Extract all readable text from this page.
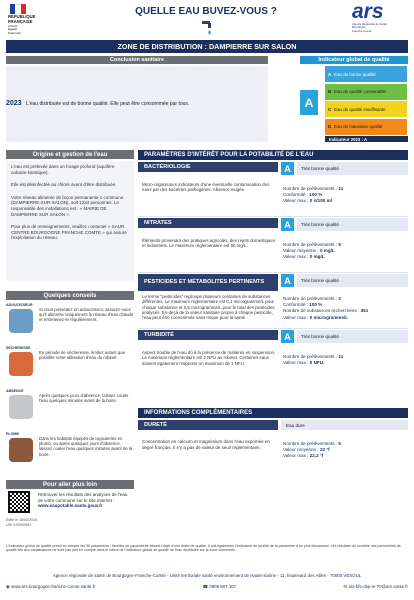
RÉPUBLIQUE FRANÇAISE
Liberté
Égalité
Fraternité
QUELLE EAU BUVEZ-VOUS ?	ars
Agence Régionale de Santé
Bourgogne
Franche-Comté
ZONE DE DISTRIBUTION : DAMPIERRE SUR SALON
Conclusion sanitaire	Indicateur global de qualité
2023 L'eau distribuée est de bonne qualité. Elle peut être consommée par tous.	A
A Eau de bonne qualité
B Eau de qualité convenable
C Eau de qualité insuffisante
D Eau de mauvaise qualité
Indicateur 2023 : A
Origine et gestion de l'eau
L'eau est prélevée dans un forage profond (aquifère calcaire karstique).
Elle est désinfectée au chlore avant d'être distribuée.
Votre réseau alimente de façon permanente 1 commune (DAMPIERRE-SUR-SALON), soit 1234 personnes. Le responsable des installations est : « MAIRIE DE DAMPIERRE SUR SALON ».
Pour plus de renseignements, veuillez contacter « SAUR CENTRE BOURGOGNE FRANCHE COMTE » qui assure l'exploitation du réseau.
Quelques conseils
ADOUCISSEUR
Si vous possédez un adoucisseur, assurez-vous qu'il alimente uniquement le réseau d'eau chaude et entretenez-le régulièrement.
SÉCHERESSE
En période de sécheresse, limitez autant que possible votre utilisation d'eau du robinet.
ABSENCE
Après quelques jours d'absence, laissez couler l'eau quelques minutes avant de la boire.
PLOMB
Dans les habitats équipés de tuyauteries en plomb, ou après quelques jours d'absence, laissez couler l'eau quelques minutes avant de la boire.
Pour aller plus loin
Retrouver les résultats des analyses de l'eau de votre commune sur le site internet : www.eaupotable.sante.gouv.fr
Édité le 18/05/2024
UDI 070000981
PARAMÈTRES D'INTÉRÊT POUR LA POTABILITÉ DE L'EAU
BACTÉRIOLOGIE	A	Très bonne qualité
Micro-organismes indicateurs d'une éventuelle contamination des eaux par des bactéries pathogènes. Absence exigée.	Nombre de prélèvements : 11
Conformité : 100 %
Valeur max : 0 n/100 ml
NITRATES	A	Très bonne qualité
Éléments provenant des pratiques agricoles, des rejets domestiques et industriels. Le maximum réglementaire est 50 mg/L.	Nombre de prélèvements : 5
Valeur moyenne : 0 mg/L
Valeur max : 0 mg/L
PESTICIDES ET MÉTABOLITES PERTINENTS	A	Très bonne qualité
Le terme "pesticides" regroupe plusieurs centaines de substances différentes. Le maximum réglementaire est 0,1 microgramme/L pour chaque substance et 0,5 microgramme/L pour le total des pesticides analysés. En-deçà de la valeur sanitaire propre à chaque pesticide, l'eau peut être consommée sans risque pour la santé.
Nombre de prélèvements : 2
Conformité : 100 %
Nombre de substances recherchées : 351
Valeur max : 0 microgramme/L
TURBIDITÉ	A	Très bonne qualité
Aspect trouble de l'eau dû à la présence de matières en suspension. Le maximum réglementaire est 2 NFU au robinet. Certaines eaux doivent également respecter un maximum de 1 NFU.
Nombre de prélèvements : 11
Valeur max : 0 NFU
INFORMATIONS COMPLÉMENTAIRES
DURETÉ	Eau dure
Concentration en calcium et magnésium dans l'eau exprimée en degré français. Il n'y a pas de valeur de seuil réglementaire.
Nombre de prélèvements : 5
Valeur moyenne : 22 °f
Valeur max : 22,2 °f
L'indicateur global de qualité prend en compte les 30 paramètres / familles de paramètres faisant l'objet d'une limite de qualité. Il suit également l'indicateur de qualité de la paramètre à sa plus déclassant. Les résultats du contrôle des paramètres de qualité liés aux canalisations ne sont pas pris en compte dans le calcul de l'indicateur global de qualité de l'eau distribuée sur la zone concernée.
Agence régionale de santé de Bourgogne-Franche-Comté - Unité territoriale santé environnement de Haute-Saône - 11, boulevard des Alliés - 70000 VESOUL
◉ www.ars.bourgogne-franche-comte.sante.fr	☎ 0808 807 107	✉ ars-bfc-dsp-ie-70@ars.sante.fr
